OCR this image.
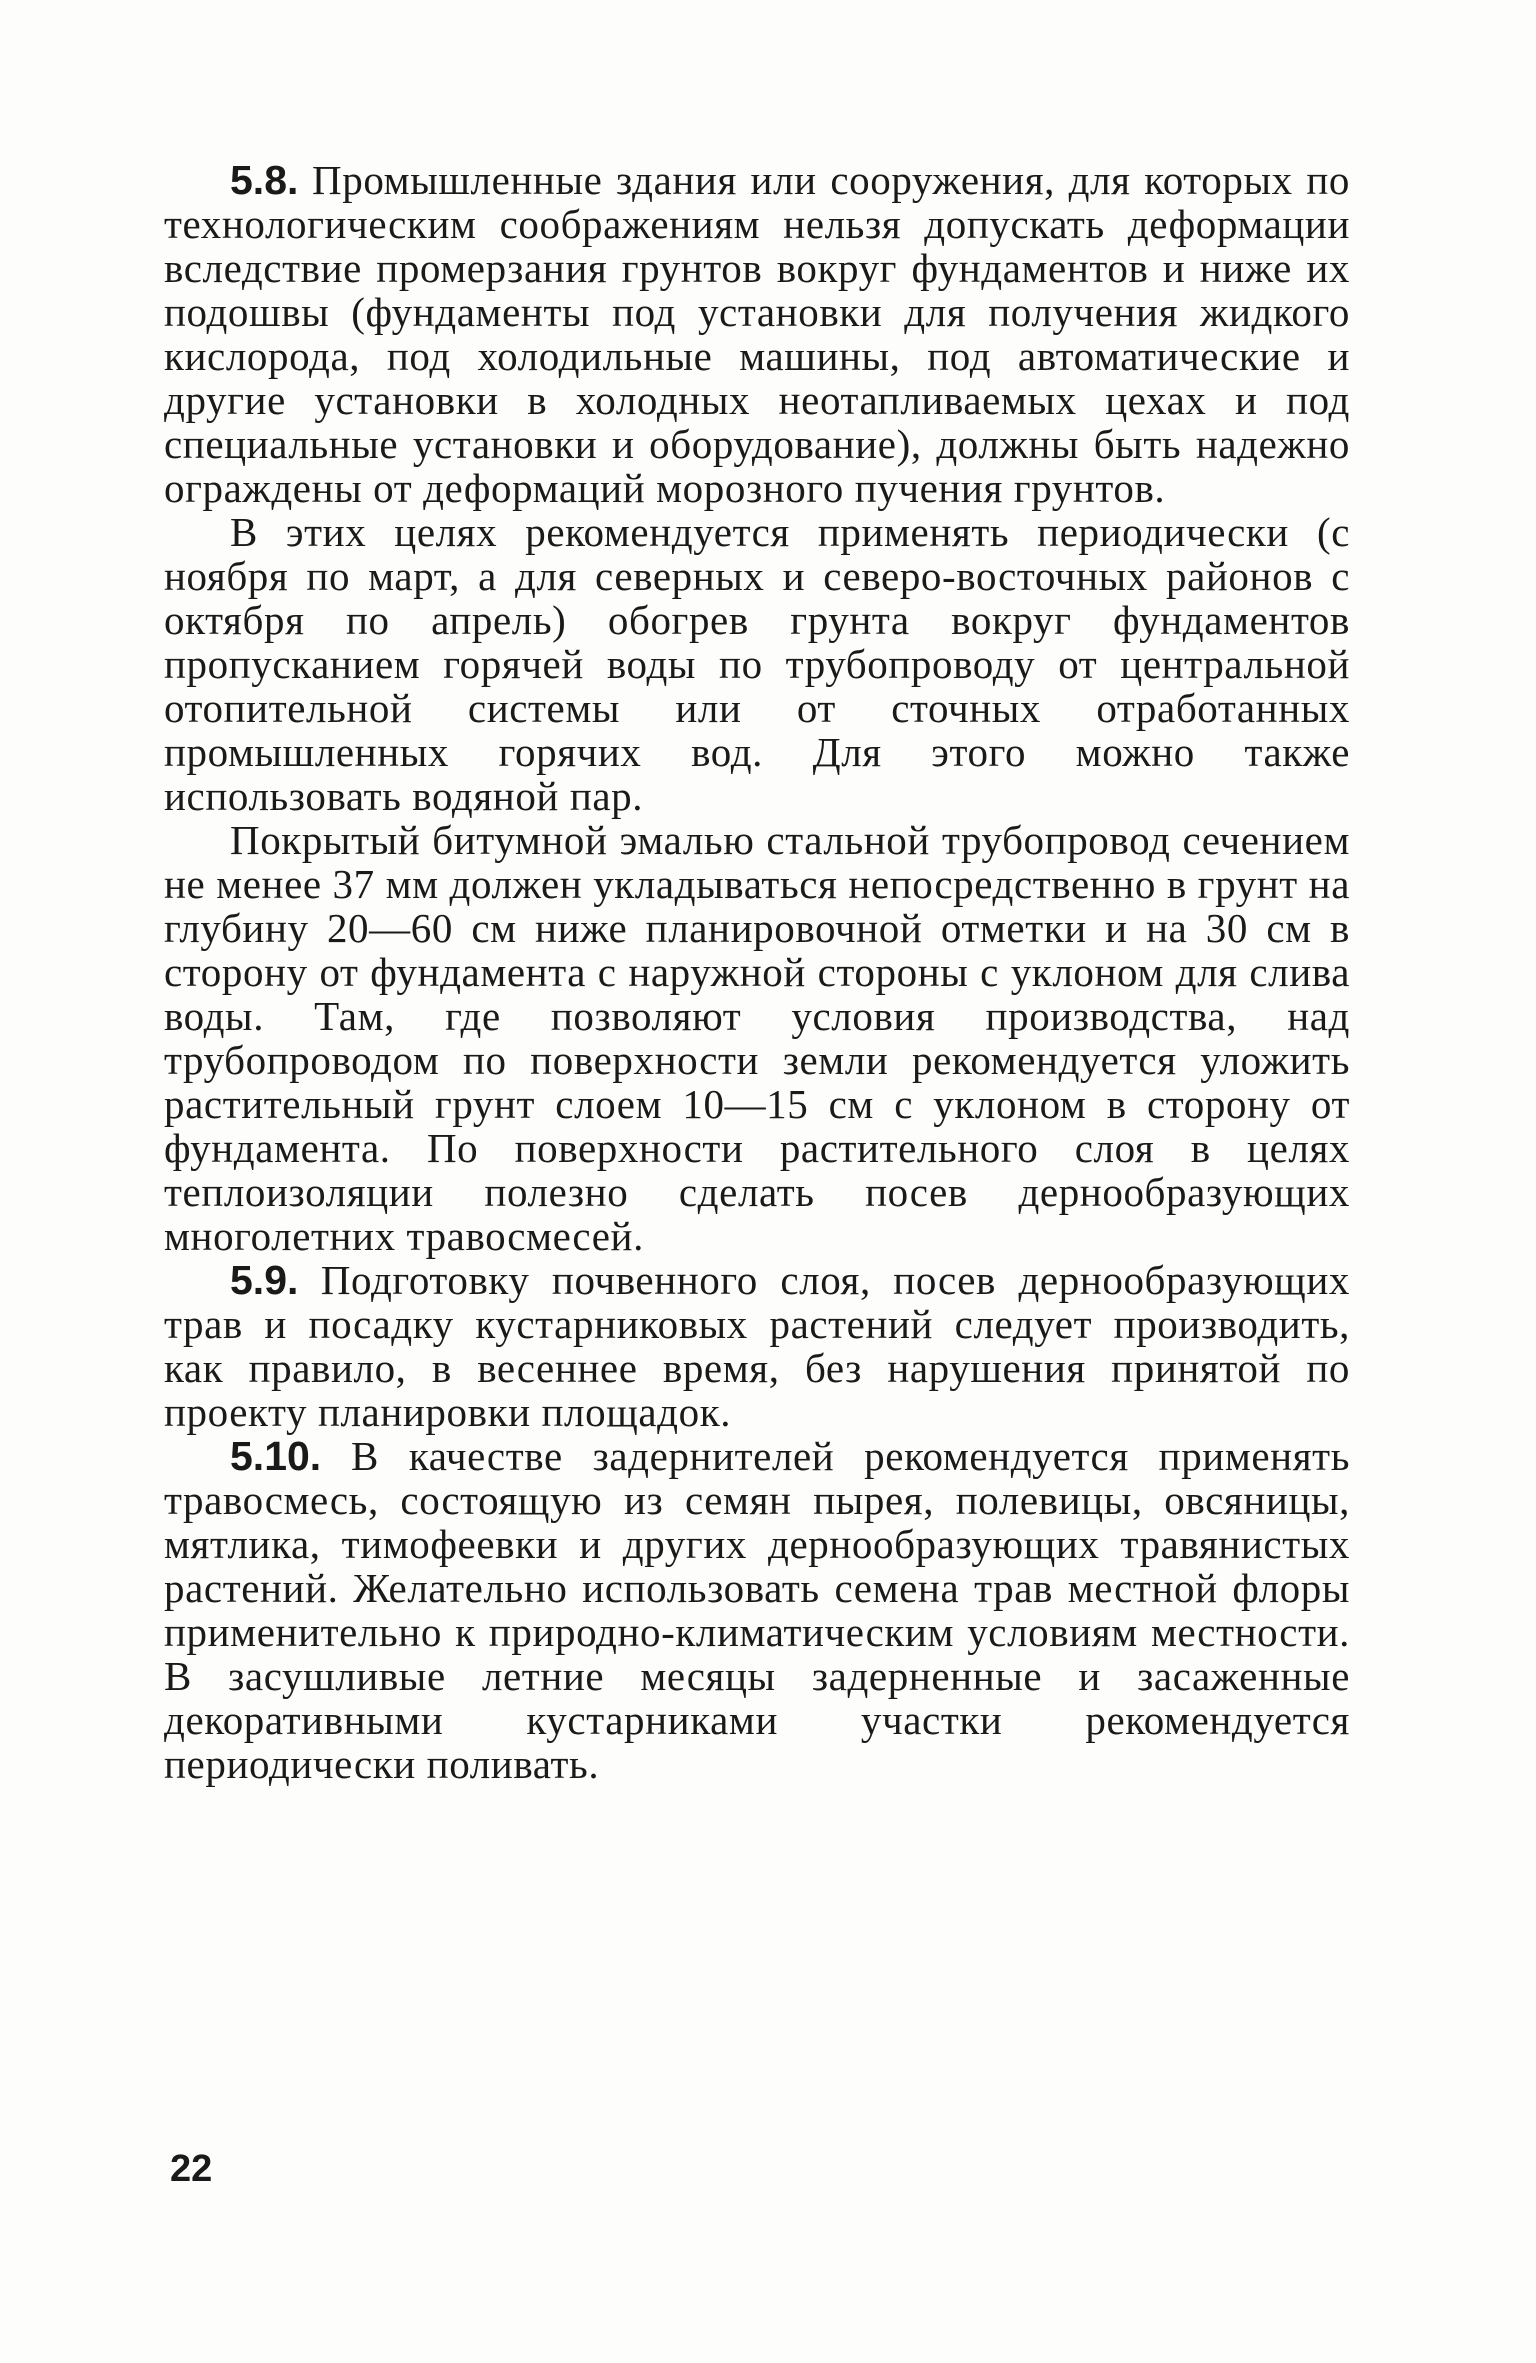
5.8. Промышленные здания или сооружения, для которых по технологическим соображениям нельзя допускать деформации вследствие промерзания грунтов вокруг фундаментов и ниже их подошвы (фундаменты под установки для получения жидкого кислорода, под холодильные машины, под автоматические и другие установки в холодных неотапливаемых цехах и под специальные установки и оборудование), должны быть надежно ограждены от деформаций морозного пучения грунтов.

В этих целях рекомендуется применять периодически (с ноября по март, а для северных и северо-восточных районов с октября по апрель) обогрев грунта вокруг фундаментов пропусканием горячей воды по трубопроводу от центральной отопительной системы или от сточных отработанных промышленных горячих вод. Для этого можно также использовать водяной пар.

Покрытый битумной эмалью стальной трубопровод сечением не менее 37 мм должен укладываться непосредственно в грунт на глубину 20—60 см ниже планировочной отметки и на 30 см в сторону от фундамента с наружной стороны с уклоном для слива воды. Там, где позволяют условия производства, над трубопроводом по поверхности земли рекомендуется уложить растительный грунт слоем 10—15 см с уклоном в сторону от фундамента. По поверхности растительного слоя в целях теплоизоляции полезно сделать посев дернообразующих многолетних травосмесей.

5.9. Подготовку почвенного слоя, посев дернообразующих трав и посадку кустарниковых растений следует производить, как правило, в весеннее время, без нарушения принятой по проекту планировки площадок.

5.10. В качестве задернителей рекомендуется применять травосмесь, состоящую из семян пырея, полевицы, овсяницы, мятлика, тимофеевки и других дернообразующих травянистых растений. Желательно использовать семена трав местной флоры применительно к природно-климатическим условиям местности. В засушливые летние месяцы задерненные и засаженные декоративными кустарниками участки рекомендуется периодически поливать.

22
